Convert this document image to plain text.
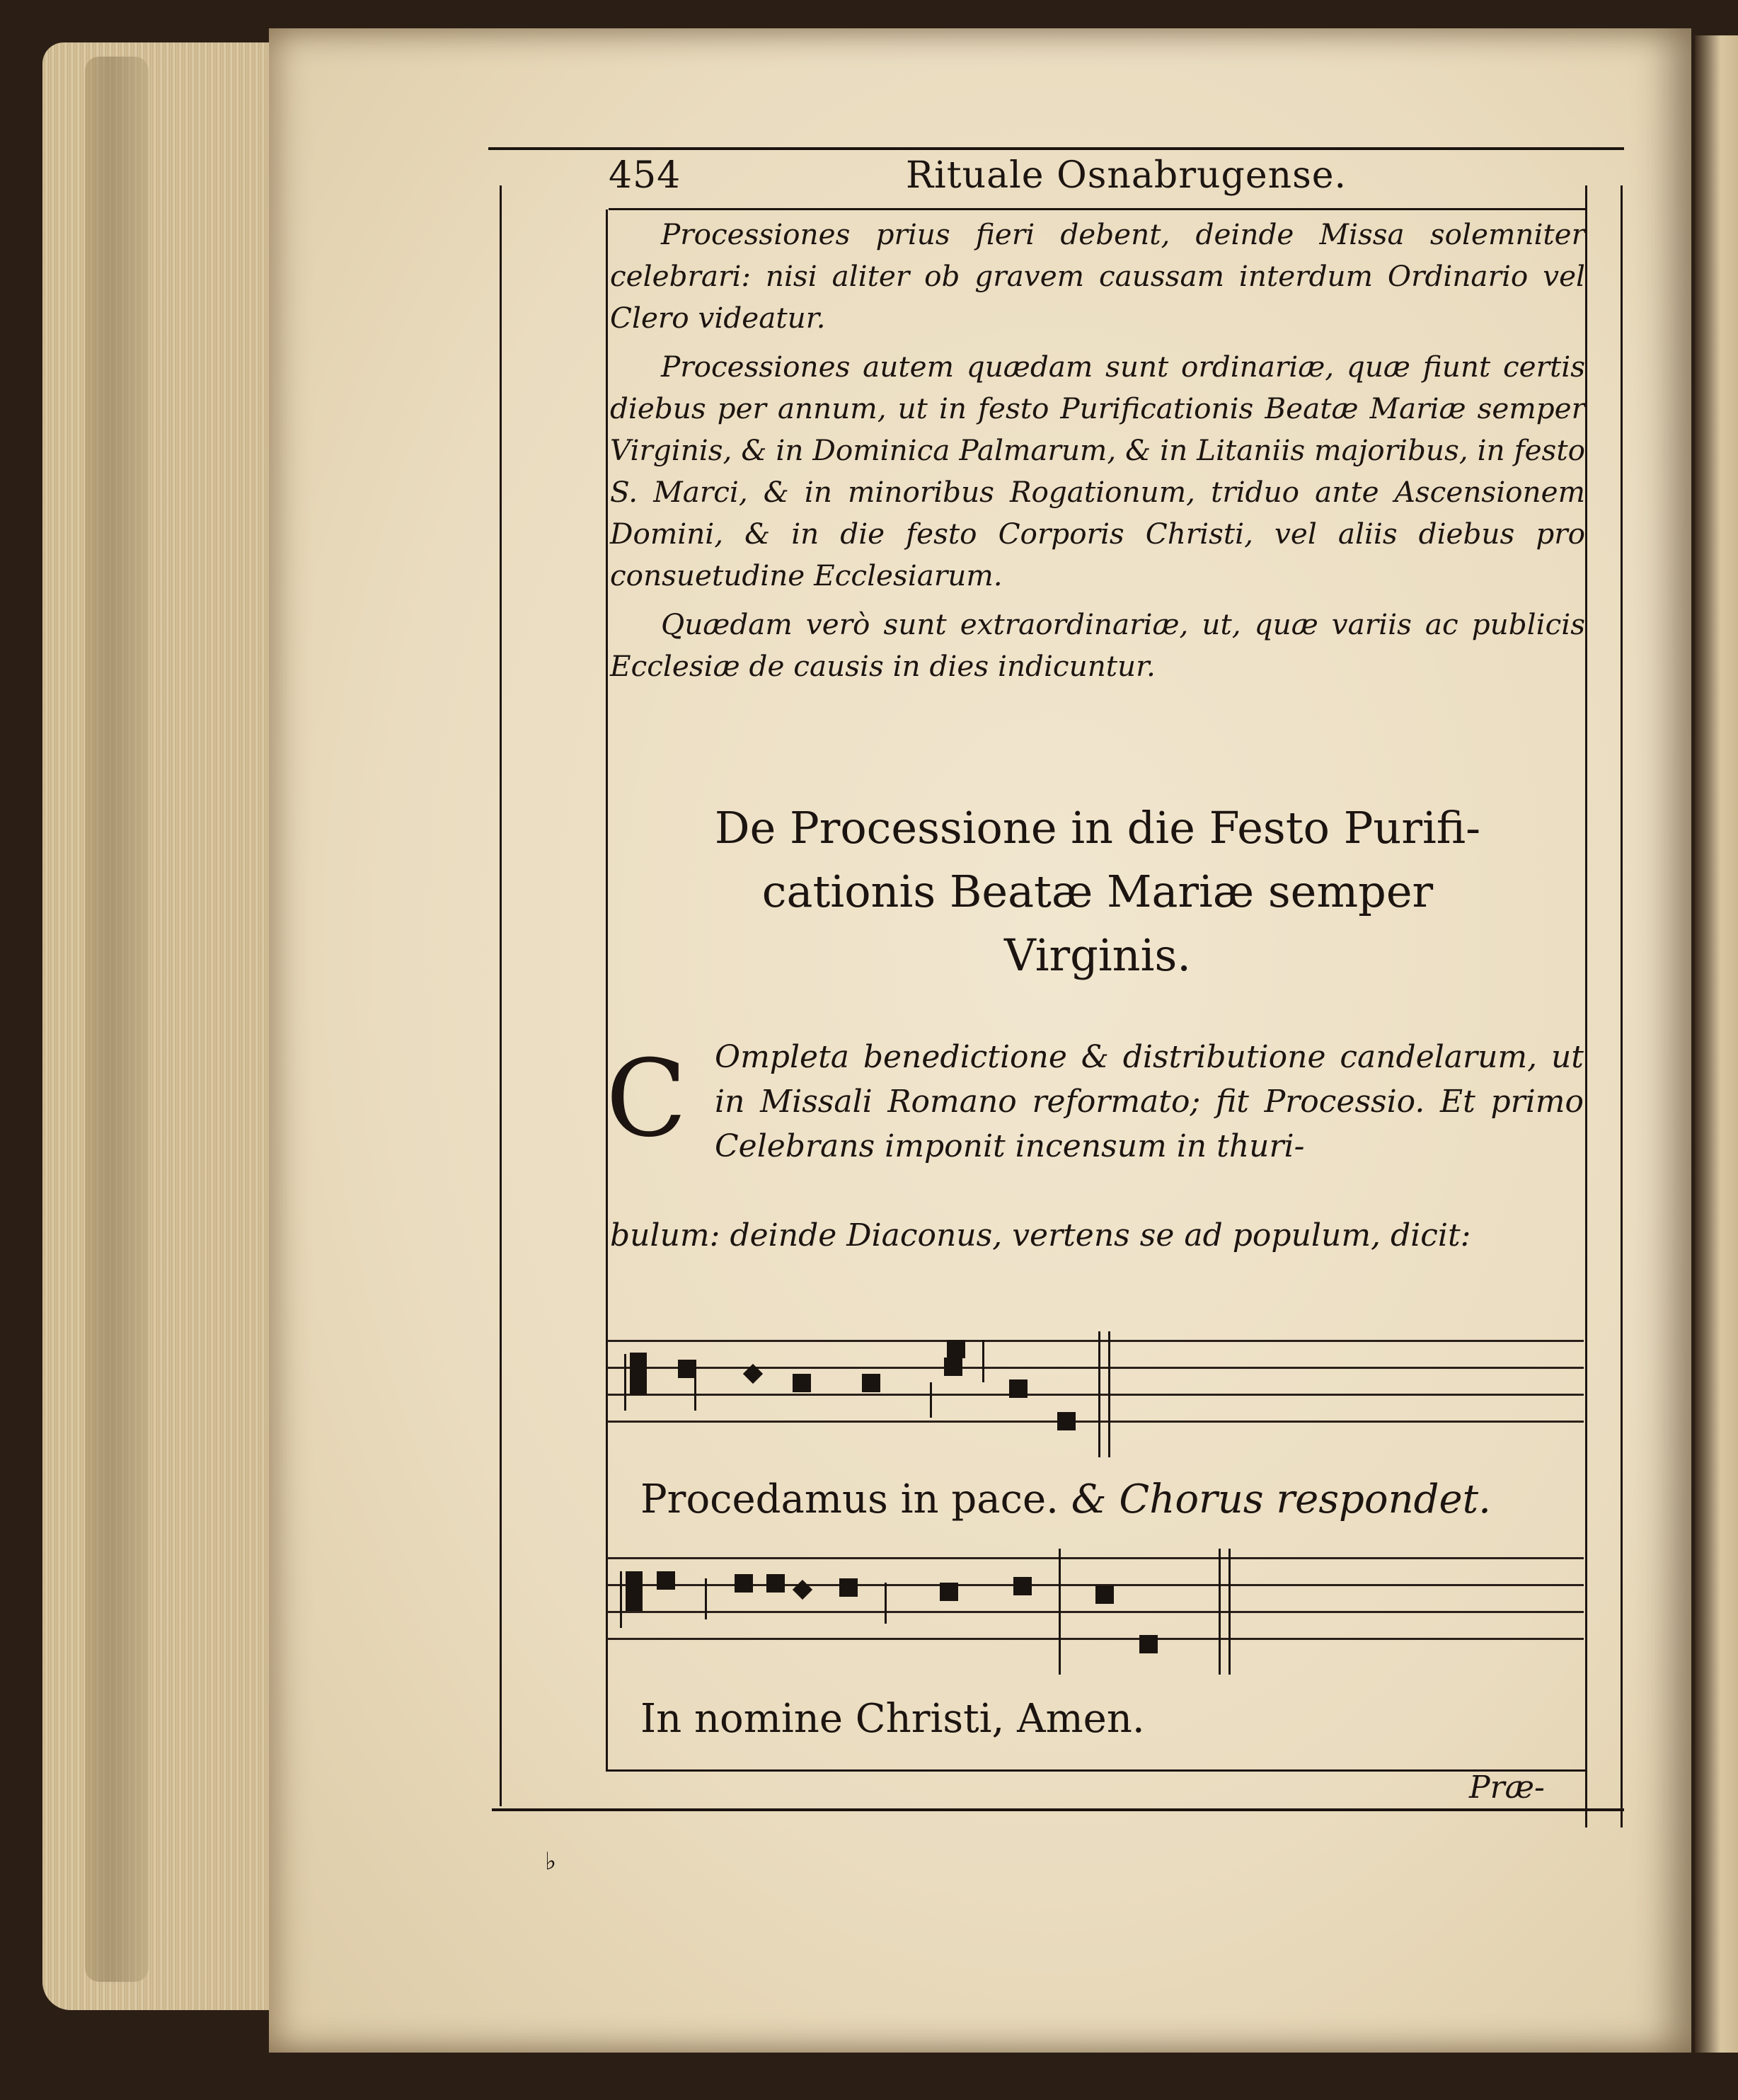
454	Rituale Osnabrugense.

Processiones prius fieri debent, deinde Missa solemniter celebrari: nisi aliter ob gravem caussam interdum Ordinario vel Clero videatur.

Processiones autem quædam sunt ordinariæ, quæ fiunt certis diebus per annum, ut in festo Purificationis Beatæ Mariæ semper Virginis, & in Dominica Palmarum, & in Litaniis majoribus, in festo S. Marci, & in minoribus Rogationum, triduo ante Ascensionem Domini, & in die festo Corporis Christi, vel aliis diebus pro consuetudine Ecclesiarum.

Quædam verò sunt extraordinariæ, ut, quæ variis ac publicis Ecclesiæ de causis in dies indicuntur.

De Processione in die Festo Purifi-
cationis Beatæ Mariæ semper
Virginis.
C Ompleta benedictione & distributione candelarum, ut in Missali Romano reformato; fit Processio. Et primo Celebrans imponit incensum in thuri-
bulum: deinde Diaconus, vertens se ad populum, dicit:
Procedamus in pace. & Chorus respondet.
In nomine Christi, Amen.
Præ-
♭
